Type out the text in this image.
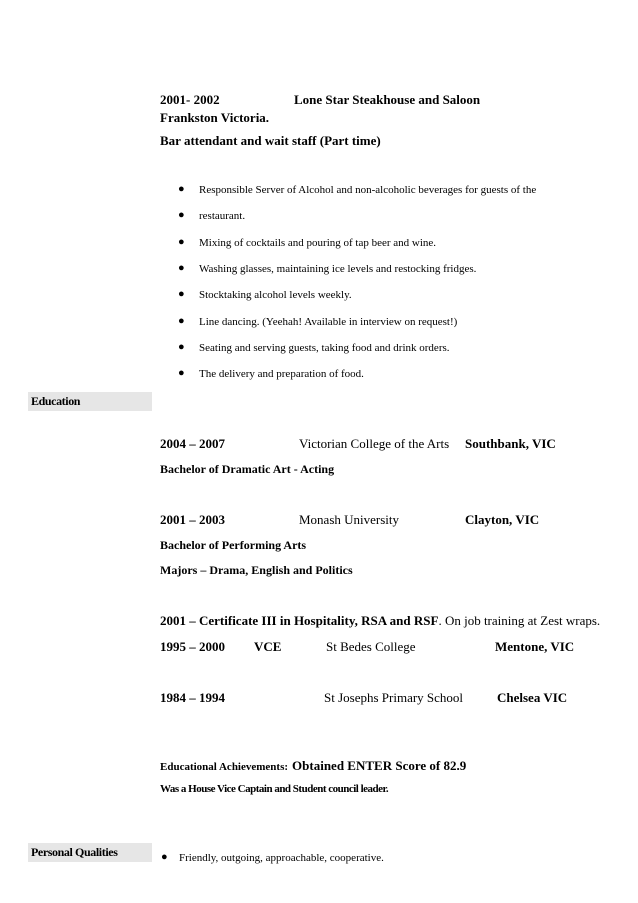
2001- 2002	Lone Star Steakhouse and Saloon
Frankston Victoria.
Bar attendant and wait staff (Part time)
● Responsible Server of Alcohol and non-alcoholic beverages for guests of the
● restaurant.
● Mixing of cocktails and pouring of tap beer and wine.
● Washing glasses, maintaining ice levels and restocking fridges.
● Stocktaking alcohol levels weekly.
● Line dancing. (Yeehah! Available in interview on request!)
● Seating and serving guests, taking food and drink orders.
● The delivery and preparation of food.
Education
2004 – 2007	Victorian College of the Arts Southbank, VIC
Bachelor of Dramatic Art - Acting
2001 – 2003	Monash University	Clayton, VIC
Bachelor of Performing Arts
Majors – Drama, English and Politics
2001 – Certificate III in Hospitality, RSA and RSF. On job training at Zest wraps.
1995 – 2000 VCE	St Bedes College	Mentone, VIC
1984 – 1994	St Josephs Primary School	Chelsea VIC
Educational Achievements: Obtained ENTER Score of 82.9
Was a House Vice Captain and Student council leader.
Personal Qualities	● Friendly, outgoing, approachable, cooperative.
